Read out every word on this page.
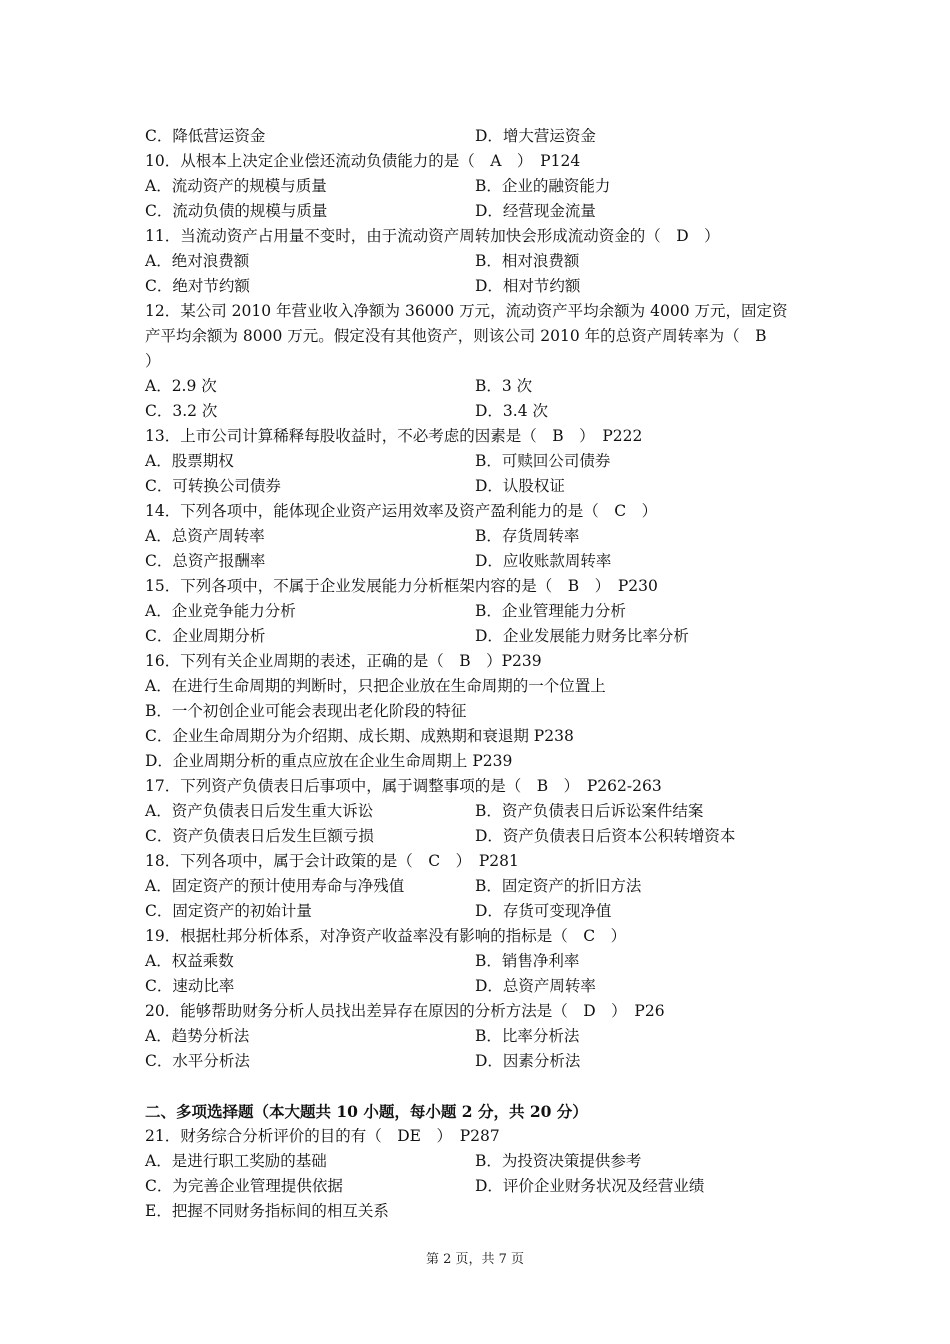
C．降低营运资金	D．增大营运资金
10．从根本上决定企业偿还流动负债能力的是（　A　）　P124
A．流动资产的规模与质量	B．企业的融资能力
C．流动负债的规模与质量	D．经营现金流量
11．当流动资产占用量不变时，由于流动资产周转加快会形成流动资金的（　D　）
A．绝对浪费额	B．相对浪费额
C．绝对节约额	D．相对节约额
12．某公司 2010 年营业收入净额为 36000 万元，流动资产平均余额为 4000 万元，固定资
产平均余额为 8000 万元。假定没有其他资产，则该公司 2010 年的总资产周转率为（　B
）
A．2.9 次	B．3 次
C．3.2 次	D．3.4 次
13．上市公司计算稀释每股收益时，不必考虑的因素是（　B　）　P222
A．股票期权	B．可赎回公司债券
C．可转换公司债券	D．认股权证
14．下列各项中，能体现企业资产运用效率及资产盈利能力的是（　C　）
A．总资产周转率	B．存货周转率
C．总资产报酬率	D．应收账款周转率
15．下列各项中，不属于企业发展能力分析框架内容的是（　B　）　P230
A．企业竞争能力分析	B．企业管理能力分析
C．企业周期分析	D．企业发展能力财务比率分析
16．下列有关企业周期的表述，正确的是（　B　）P239
A．在进行生命周期的判断时，只把企业放在生命周期的一个位置上
B．一个初创企业可能会表现出老化阶段的特征
C．企业生命周期分为介绍期、成长期、成熟期和衰退期 P238
D．企业周期分析的重点应放在企业生命周期上 P239
17．下列资产负债表日后事项中，属于调整事项的是（　B　）　P262-263
A．资产负债表日后发生重大诉讼	B．资产负债表日后诉讼案件结案
C．资产负债表日后发生巨额亏损	D．资产负债表日后资本公积转增资本
18．下列各项中，属于会计政策的是（　C　）　P281
A．固定资产的预计使用寿命与净残值	B．固定资产的折旧方法
C．固定资产的初始计量	D．存货可变现净值
19．根据杜邦分析体系，对净资产收益率没有影响的指标是（　C　）
A．权益乘数	B．销售净利率
C．速动比率	D．总资产周转率
20．能够帮助财务分析人员找出差异存在原因的分析方法是（　D　）　P26
A．趋势分析法	B．比率分析法
C．水平分析法	D．因素分析法
二、多项选择题（本大题共 10 小题，每小题 2 分，共 20 分）
21．财务综合分析评价的目的有（　DE　）　P287
A．是进行职工奖励的基础	B．为投资决策提供参考
C．为完善企业管理提供依据	D．评价企业财务状况及经营业绩
E．把握不同财务指标间的相互关系
第 2 页，共 7 页
